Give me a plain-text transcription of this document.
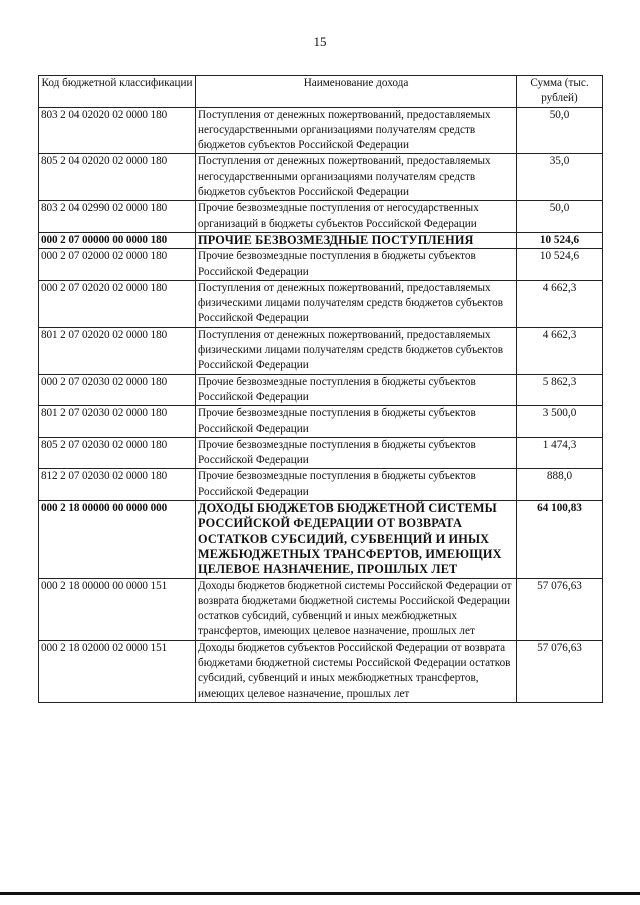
15
Код бюджетной классификации	Наименование дохода	Сумма (тыс. рублей)
803 2 04 02020 02 0000 180	Поступления от денежных пожертвований, предоставляемых негосударственными организациями получателям средств бюджетов субъектов Российской Федерации	50,0
805 2 04 02020 02 0000 180	Поступления от денежных пожертвований, предоставляемых негосударственными организациями получателям средств бюджетов субъектов Российской Федерации	35,0
803 2 04 02990 02 0000 180	Прочие безвозмездные поступления от негосударственных организаций в бюджеты субъектов Российской Федерации	50,0
000 2 07 00000 00 0000 180	ПРОЧИЕ БЕЗВОЗМЕЗДНЫЕ ПОСТУПЛЕНИЯ	10 524,6
000 2 07 02000 02 0000 180	Прочие безвозмездные поступления в бюджеты субъектов Российской Федерации	10 524,6
000 2 07 02020 02 0000 180	Поступления от денежных пожертвований, предоставляемых физическими лицами получателям средств бюджетов субъектов Российской Федерации	4 662,3
801 2 07 02020 02 0000 180	Поступления от денежных пожертвований, предоставляемых физическими лицами получателям средств бюджетов субъектов Российской Федерации	4 662,3
000 2 07 02030 02 0000 180	Прочие безвозмездные поступления в бюджеты субъектов Российской Федерации	5 862,3
801 2 07 02030 02 0000 180	Прочие безвозмездные поступления в бюджеты субъектов Российской Федерации	3 500,0
805 2 07 02030 02 0000 180	Прочие безвозмездные поступления в бюджеты субъектов Российской Федерации	1 474,3
812 2 07 02030 02 0000 180	Прочие безвозмездные поступления в бюджеты субъектов Российской Федерации	888,0
000 2 18 00000 00 0000 000	ДОХОДЫ БЮДЖЕТОВ БЮДЖЕТНОЙ СИСТЕМЫ РОССИЙСКОЙ ФЕДЕРАЦИИ ОТ ВОЗВРАТА ОСТАТКОВ СУБСИДИЙ, СУБВЕНЦИЙ И ИНЫХ МЕЖБЮДЖЕТНЫХ ТРАНСФЕРТОВ, ИМЕЮЩИХ ЦЕЛЕВОЕ НАЗНАЧЕНИЕ, ПРОШЛЫХ ЛЕТ	64 100,83
000 2 18 00000 00 0000 151	Доходы бюджетов бюджетной системы Российской Федерации от возврата бюджетами бюджетной системы Российской Федерации остатков субсидий, субвенций и иных межбюджетных трансфертов, имеющих целевое назначение, прошлых лет	57 076,63
000 2 18 02000 02 0000 151	Доходы бюджетов субъектов Российской Федерации от возврата бюджетами бюджетной системы Российской Федерации остатков субсидий, субвенций и иных межбюджетных трансфертов, имеющих целевое назначение, прошлых лет	57 076,63
